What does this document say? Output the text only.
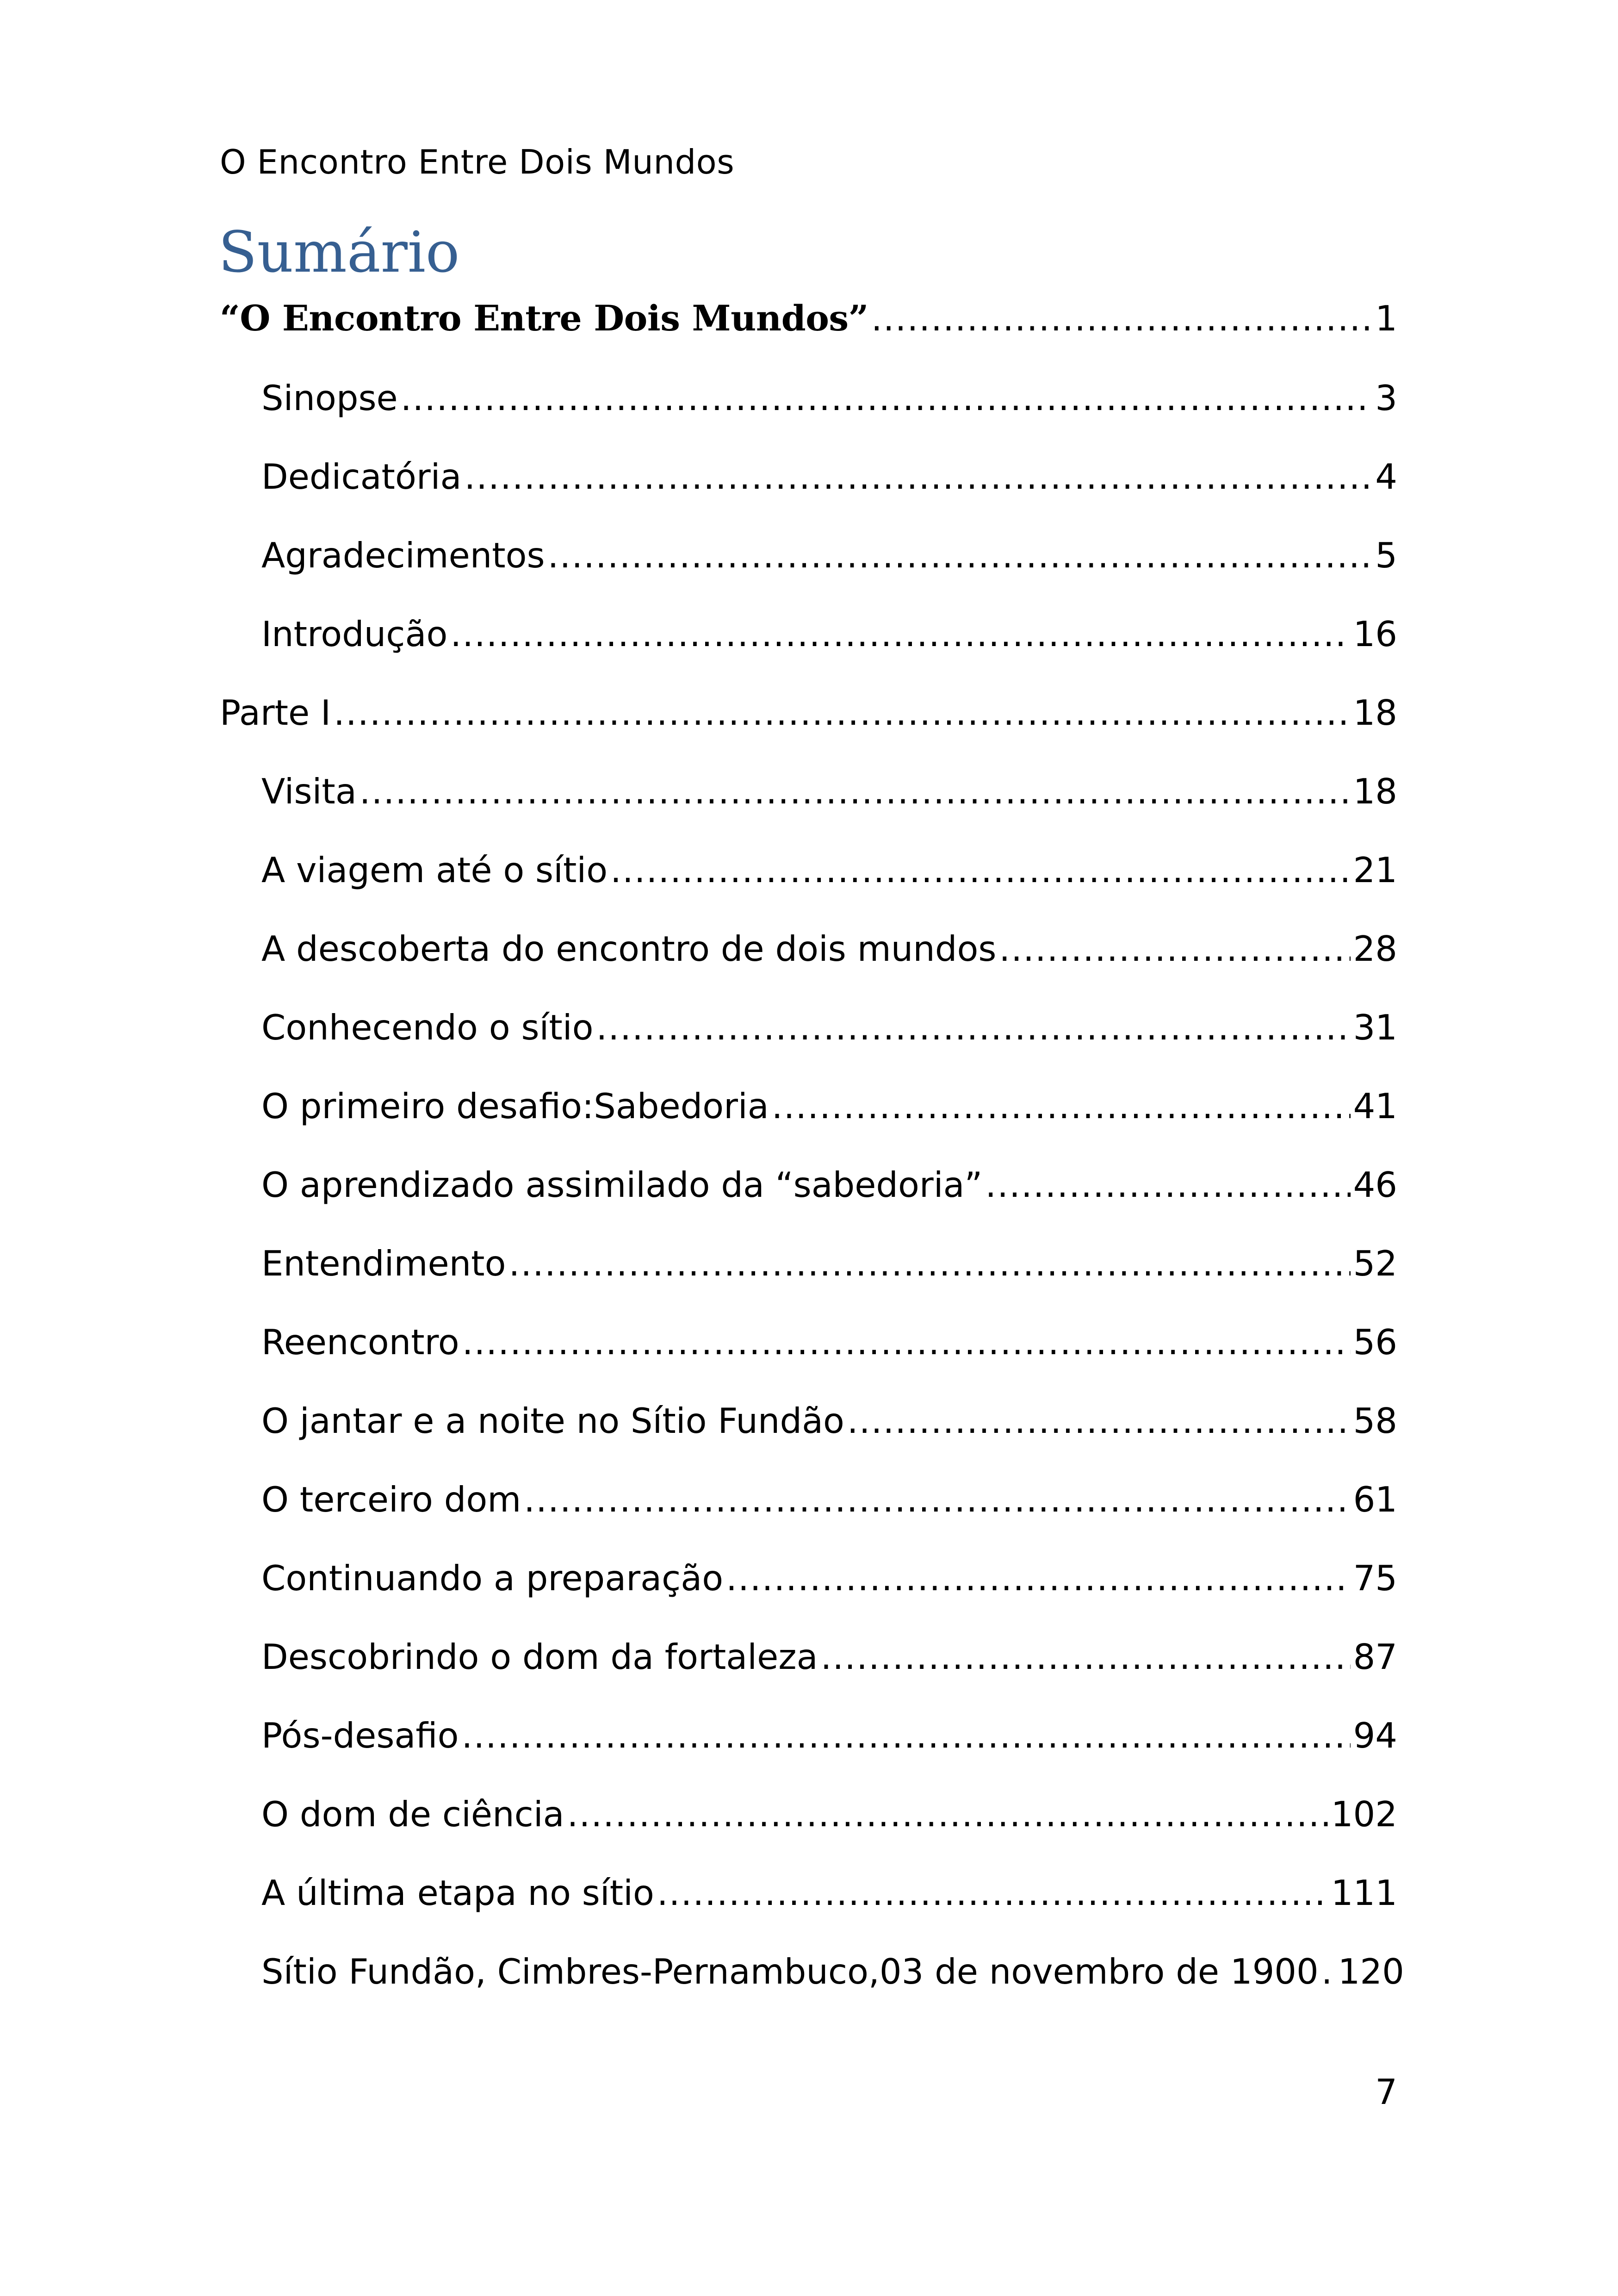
O Encontro Entre Dois Mundos
Sumário
“O Encontro Entre Dois Mundos” .....	1
Sinopse .....	3
Dedicatória .....	4
Agradecimentos .....	5
Introdução .....	16
Parte I .....	18
Visita .....	18
A viagem até o sítio .....	21
A descoberta do encontro de dois mundos .....	28
Conhecendo o sítio .....	31
O primeiro desafio:Sabedoria .....	41
O aprendizado assimilado da “sabedoria” .....	46
Entendimento .....	52
Reencontro .....	56
O jantar e a noite no Sítio Fundão .....	58
O terceiro dom .....	61
Continuando a preparação .....	75
Descobrindo o dom da fortaleza .....	87
Pós-desafio .....	94
O dom de ciência .....	102
A última etapa no sítio .....	111
Sítio Fundão, Cimbres-Pernambuco,03 de novembro de 1900 ..... 120
7
